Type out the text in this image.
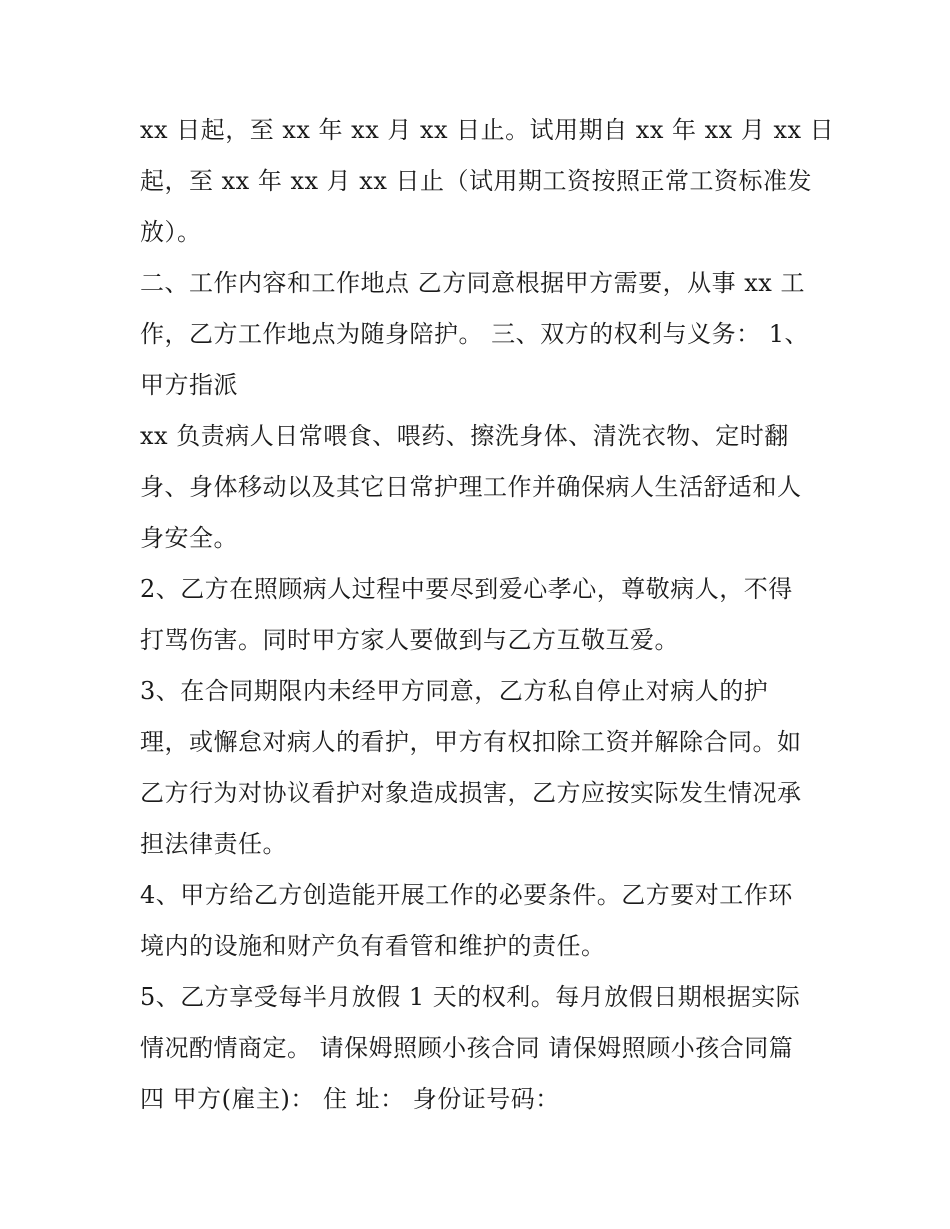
xx 日起，至 xx 年 xx 月 xx 日止。试用期自 xx 年 xx 月 xx 日
起，至 xx 年 xx 月 xx 日止（试用期工资按照正常工资标准发
放）。
二、工作内容和工作地点 乙方同意根据甲方需要，从事 xx 工
作，乙方工作地点为随身陪护。 三、双方的权利与义务： 1、
甲方指派
xx 负责病人日常喂食、喂药、擦洗身体、清洗衣物、定时翻
身、身体移动以及其它日常护理工作并确保病人生活舒适和人
身安全。
2、乙方在照顾病人过程中要尽到爱心孝心，尊敬病人，不得
打骂伤害。同时甲方家人要做到与乙方互敬互爱。
3、在合同期限内未经甲方同意，乙方私自停止对病人的护
理，或懈怠对病人的看护，甲方有权扣除工资并解除合同。如
乙方行为对协议看护对象造成损害，乙方应按实际发生情况承
担法律责任。
4、甲方给乙方创造能开展工作的必要条件。乙方要对工作环
境内的设施和财产负有看管和维护的责任。
5、乙方享受每半月放假 1 天的权利。每月放假日期根据实际
情况酌情商定。 请保姆照顾小孩合同 请保姆照顾小孩合同篇
四 甲方(雇主)： 住 址： 身份证号码：
